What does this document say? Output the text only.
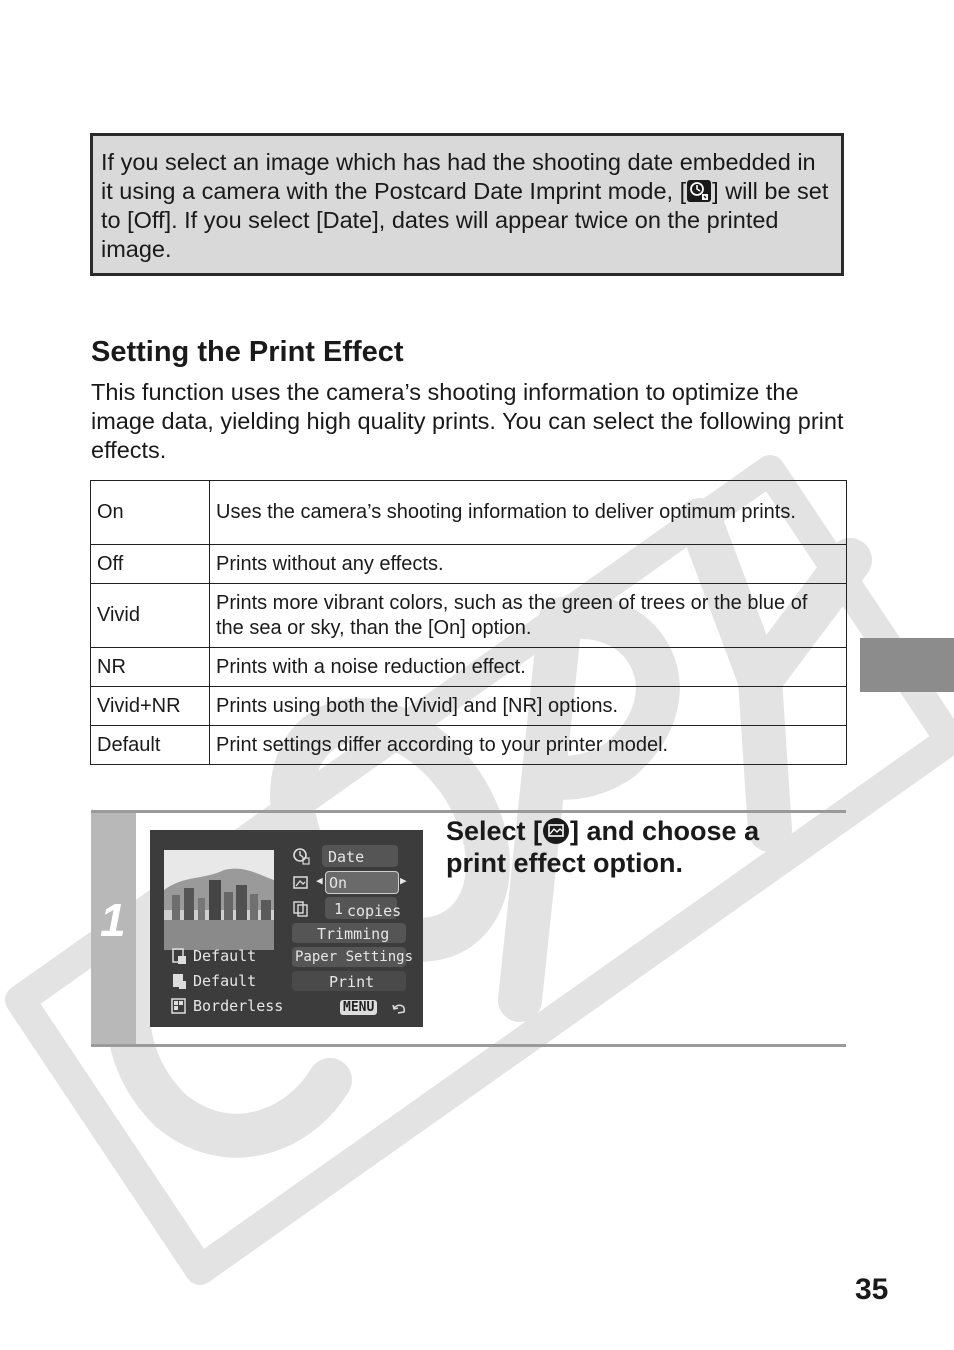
If you select an image which has had the shooting date embedded in it using a camera with the Postcard Date Imprint mode, [ ] will be set to [Off]. If you select [Date], dates will appear twice on the printed image.
Setting the Print Effect
This function uses the camera’s shooting information to optimize the image data, yielding high quality prints. You can select the following print effects.
On	Uses the camera’s shooting information to deliver optimum prints.
Off	Prints without any effects.
Vivid	Prints more vibrant colors, such as the green of trees or the blue of the sea or sky, than the [On] option.
NR	Prints with a noise reduction effect.
Vivid+NR	Prints using both the [Vivid] and [NR] options.
Default	Print settings differ according to your printer model.
1
Default
Default
Borderless
Date
◀ On	▶
1 copies
Trimming
Paper Settings
Print
MENU
Select [ ] and choose a print effect option.
35
